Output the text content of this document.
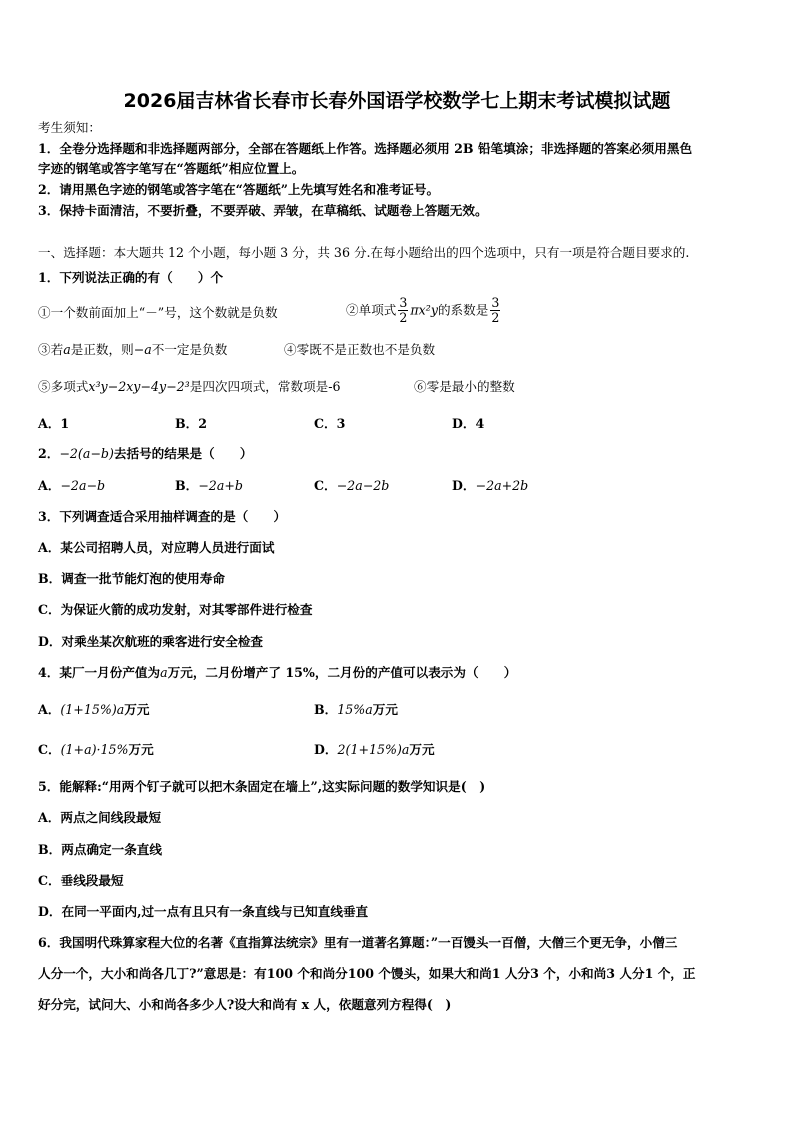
2026届吉林省长春市长春外国语学校数学七上期末考试模拟试题
考生须知：
1．全卷分选择题和非选择题两部分，全部在答题纸上作答。选择题必须用 2B 铅笔填涂；非选择题的答案必须用黑色
字迹的钢笔或答字笔写在“答题纸”相应位置上。
2．请用黑色字迹的钢笔或答字笔在“答题纸”上先填写姓名和准考证号。
3．保持卡面清洁，不要折叠，不要弄破、弄皱，在草稿纸、试题卷上答题无效。
一、选择题：本大题共 12 个小题，每小题 3 分，共 36 分.在每小题给出的四个选项中，只有一项是符合题目要求的.
1．下列说法正确的有（　　）个
①一个数前面加上“－”号，这个数就是负数	②单项式 $\frac{3}{2} \pi x^2y$的系数是 $\frac{3}{2}$
③若a是正数，则−a不一定是负数	④零既不是正数也不是负数
⑤多项式x³y−2xy−4y−2³是四次四项式，常数项是-6	⑥零是最小的整数
A．1	B．2	C．3	D．4
2．−2(a−b)去括号的结果是（　　）
A．−2a−b	B．−2a+b	C．−2a−2b	D．−2a+2b
3．下列调查适合采用抽样调查的是（　　）
A．某公司招聘人员，对应聘人员进行面试
B．调查一批节能灯泡的使用寿命
C．为保证火箭的成功发射，对其零部件进行检查
D．对乘坐某次航班的乘客进行安全检查
4．某厂一月份产值为a万元，二月份增产了 15%，二月份的产值可以表示为（　　）
A．(1+15%)a万元	B．15%a万元
C．(1+a)·15%万元	D．2(1+15%)a万元
5．能解释:“用两个钉子就可以把木条固定在墙上”,这实际问题的数学知识是(　)
A．两点之间线段最短
B．两点确定一条直线
C．垂线段最短
D．在同一平面内,过一点有且只有一条直线与已知直线垂直
6．我国明代珠算家程大位的名著《直指算法统宗》里有一道著名算题：”一百馒头一百僧，大僧三个更无争，小僧三
人分一个，大小和尚各几丁?”意思是：有100 个和尚分100 个馒头，如果大和尚1 人分3 个，小和尚3 人分1 个，正
好分完，试问大、小和尚各多少人?设大和尚有 x 人，依题意列方程得(　)
